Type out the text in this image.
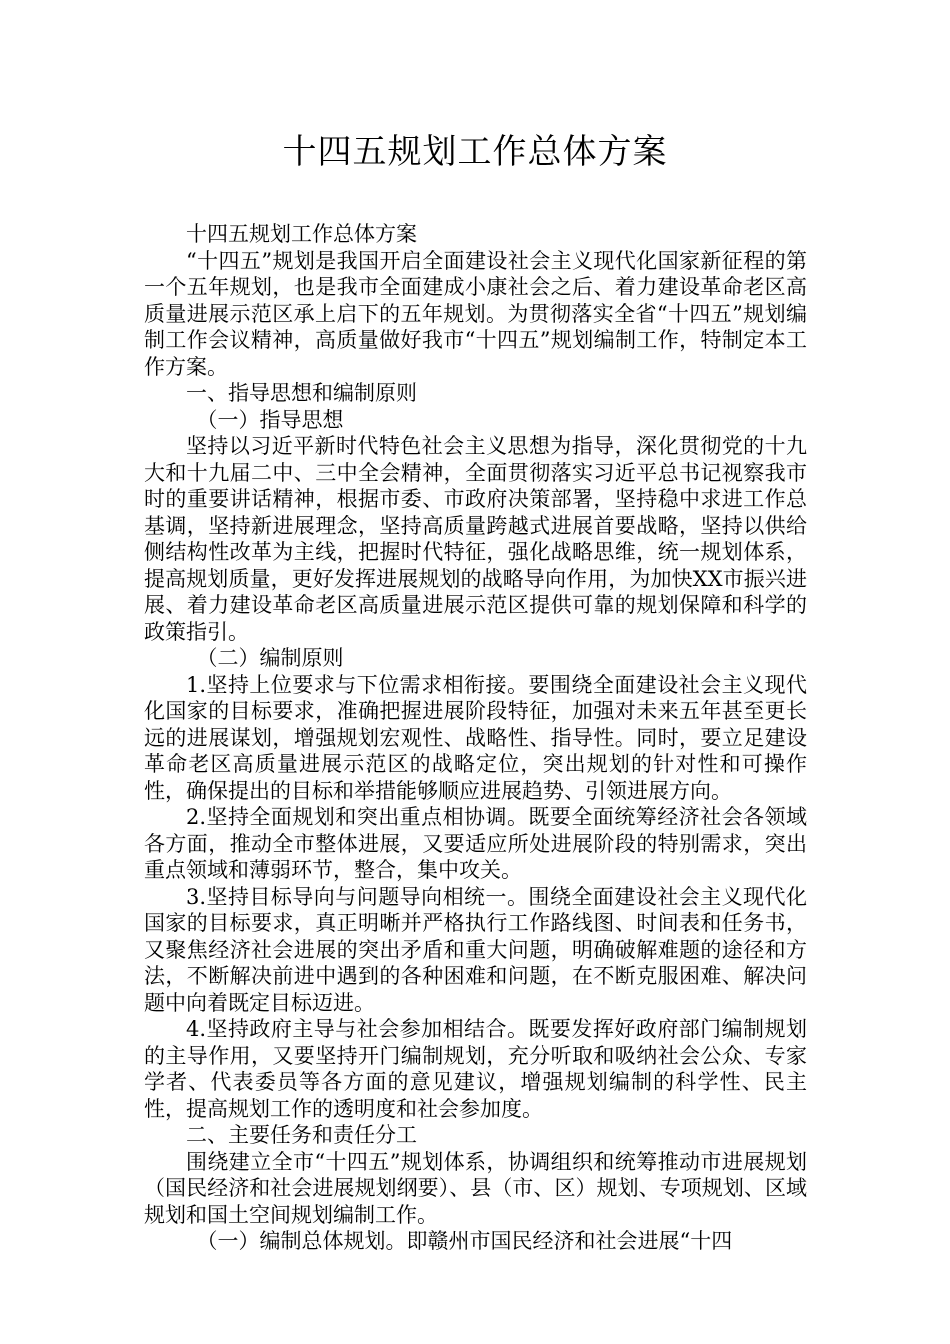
十四五规划工作总体方案

十四五规划工作总体方案

“十四五”规划是我国开启全面建设社会主义现代化国家新征程的第一个五年规划，也是我市全面建成小康社会之后、着力建设革命老区高质量进展示范区承上启下的五年规划。为贯彻落实全省“十四五”规划编制工作会议精神，高质量做好我市“十四五”规划编制工作，特制定本工作方案。

一、指导思想和编制原则

（一）指导思想

坚持以习近平新时代特色社会主义思想为指导，深化贯彻党的十九大和十九届二中、三中全会精神，全面贯彻落实习近平总书记视察我市时的重要讲话精神，根据市委、市政府决策部署，坚持稳中求进工作总基调，坚持新进展理念，坚持高质量跨越式进展首要战略，坚持以供给侧结构性改革为主线，把握时代特征，强化战略思维，统一规划体系，提高规划质量，更好发挥进展规划的战略导向作用，为加快XX市振兴进展、着力建设革命老区高质量进展示范区提供可靠的规划保障和科学的政策指引。

（二）编制原则

1.坚持上位要求与下位需求相衔接。要围绕全面建设社会主义现代化国家的目标要求，准确把握进展阶段特征，加强对未来五年甚至更长远的进展谋划，增强规划宏观性、战略性、指导性。同时，要立足建设革命老区高质量进展示范区的战略定位，突出规划的针对性和可操作性，确保提出的目标和举措能够顺应进展趋势、引领进展方向。

2.坚持全面规划和突出重点相协调。既要全面统筹经济社会各领域各方面，推动全市整体进展，又要适应所处进展阶段的特别需求，突出重点领域和薄弱环节，整合，集中攻关。

3.坚持目标导向与问题导向相统一。围绕全面建设社会主义现代化国家的目标要求，真正明晰并严格执行工作路线图、时间表和任务书，又聚焦经济社会进展的突出矛盾和重大问题，明确破解难题的途径和方法，不断解决前进中遇到的各种困难和问题，在不断克服困难、解决问题中向着既定目标迈进。

4.坚持政府主导与社会参加相结合。既要发挥好政府部门编制规划的主导作用，又要坚持开门编制规划，充分听取和吸纳社会公众、专家学者、代表委员等各方面的意见建议，增强规划编制的科学性、民主性，提高规划工作的透明度和社会参加度。

二、主要任务和责任分工

围绕建立全市“十四五”规划体系，协调组织和统筹推动市进展规划（国民经济和社会进展规划纲要）、县（市、区）规划、专项规划、区域规划和国土空间规划编制工作。

（一）编制总体规划。即赣州市国民经济和社会进展“十四
